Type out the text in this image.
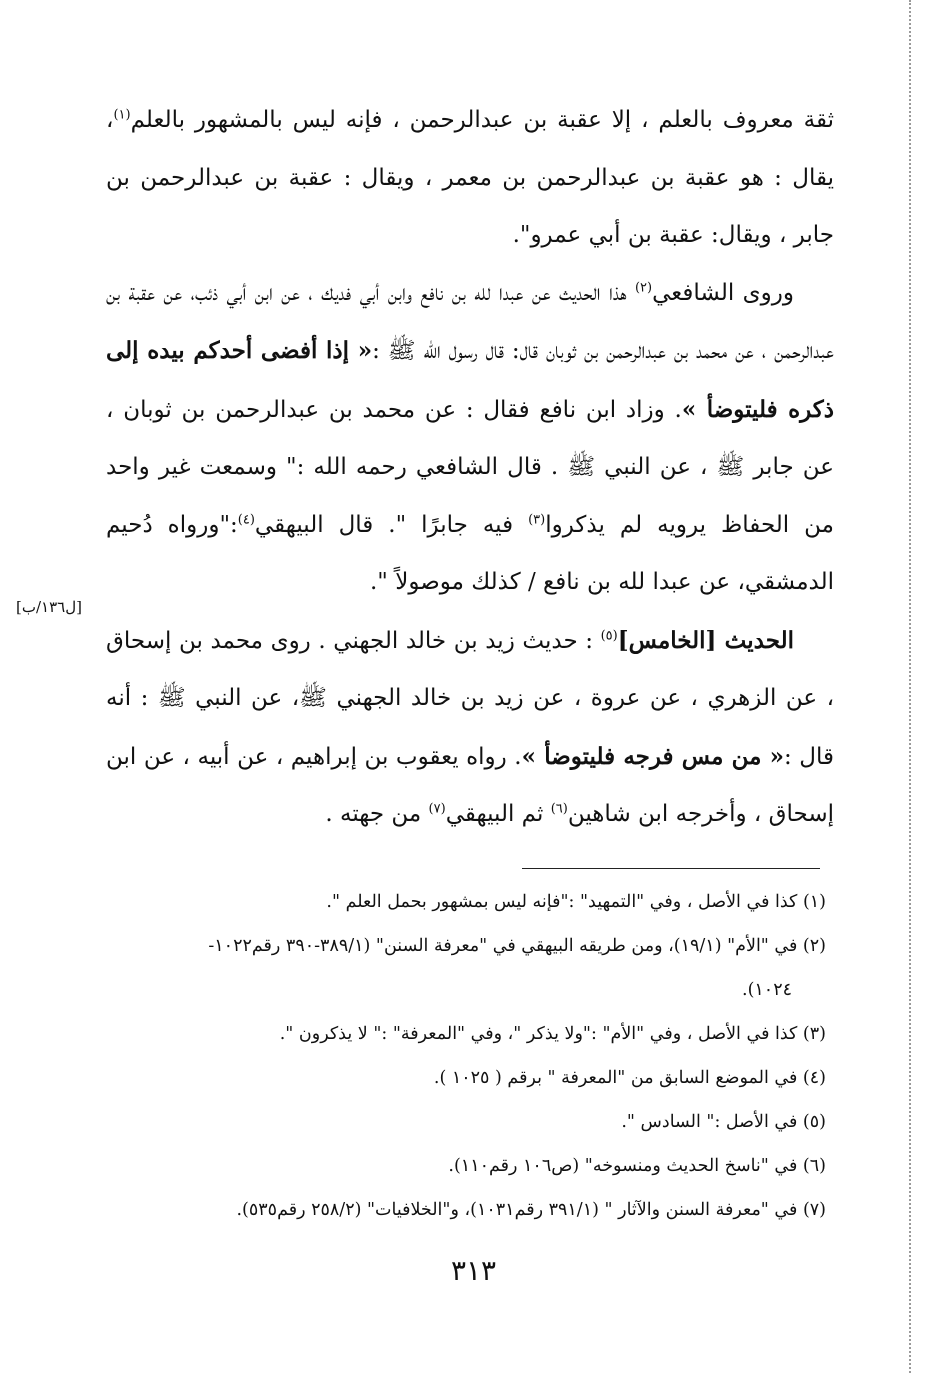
ثقة معروف بالعلم ، إلا عقبة بن عبدالرحمن ، فإنه ليس بالمشهور بالعلم$^{(١)}$، يقال : هو عقبة بن عبدالرحمن بن معمر ، ويقال : عقبة بن عبدالرحمن بن جابر ، ويقال: عقبة بن أبي عمرو".

وروى الشافعي$^{(٢)}$ هذا الحديث عن عبدا لله بن نافع وابن أبي فديك ، عن ابن أبي ذئب، عن عقبة بن عبدالرحمن ، عن محمد بن عبدالرحمن بن ثوبان قال: قال رسول الله ﷺ :« إذا أفضى أحدكم بيده إلى ذكره فليتوضأ ». وزاد ابن نافع فقال : عن محمد بن عبدالرحمن بن ثوبان ، عن جابر ﷺ ، عن النبي ﷺ . قال الشافعي رحمه الله :" وسمعت غير واحد من الحفاظ يرويه لم يذكروا$^{(٣)}$ فيه جابرًا ". قال البيهقي$^{(٤)}$:"ورواه دُحيم الدمشقي، عن عبدا لله بن نافع / كذلك موصولاً ".

الحديث [الخامس]$^{(٥)}$ : حديث زيد بن خالد الجهني . روى محمد بن إسحاق ، عن الزهري ، عن عروة ، عن زيد بن خالد الجهني ﷺ، عن النبي ﷺ : أنه قال :« من مس فرجه فليتوضأ ». رواه يعقوب بن إبراهيم ، عن أبيه ، عن ابن إسحاق ، وأخرجه ابن شاهين$^{(٦)}$ ثم البيهقي$^{(٧)}$ من جهته .

[ل١٣٦/ب]

(١) كذا في الأصل ، وفي "التمهيد" :"فإنه ليس بمشهور بحمل العلم ".

(٢) في "الأم" (١٩/١)، ومن طريقه البيهقي في "معرفة السنن" (٣٨٩/١-٣٩٠ رقم١٠٢٢-

١٠٢٤).

(٣) كذا في الأصل ، وفي "الأم" :"ولا يذكر "، وفي "المعرفة" :" لا يذكرون ".

(٤) في الموضع السابق من "المعرفة " برقم ( ١٠٢٥ ).

(٥) في الأصل :" السادس ".

(٦) في "ناسخ الحديث ومنسوخه" (ص١٠٦ رقم١١٠).

(٧) في "معرفة السنن والآثار " (٣٩١/١ رقم١٠٣١)، و"الخلافيات" (٢٥٨/٢ رقم٥٣٥).

٣١٣
